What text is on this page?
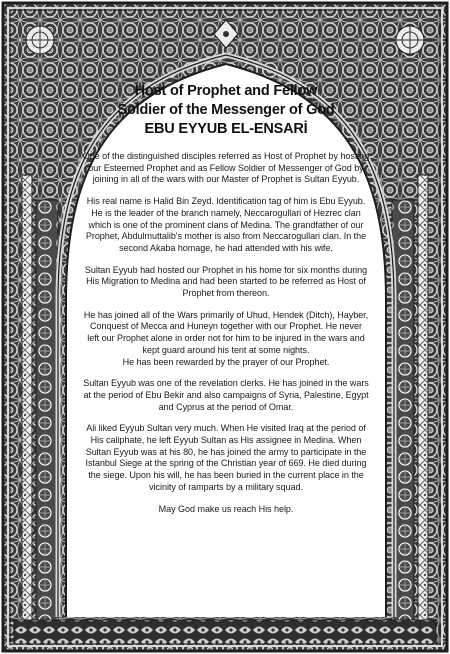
Host of Prophet and Fellow
Soldier of the Messenger of God
EBU EYYUB EL-ENSARİ

One of the distinguished disciples referred as Host of Prophet by hosting
our Esteemed Prophet and as Fellow Soldier of Messenger of God by
joining in all of the wars with our Master of Prophet is Sultan Eyyub.

His real name is Halid Bin Zeyd. Identification tag of him is Ebu Eyyub.
He is the leader of the branch namely, Neccarogullari of Hezrec clan
which is one of the prominent clans of Medina. The grandfather of our
Prophet, Abdulmuttalib's mother is also from Neccarogullari clan. In the
second Akaba homage, he had attended with his wife.

Sultan Eyyub had hosted our Prophet in his home for six months during
His Migration to Medina and had been started to be referred as Host of
Prophet from thereon.

He has joined all of the Wars primarily of Uhud, Hendek (Ditch), Hayber,
Conquest of Mecca and Huneyn together with our Prophet. He never
left our Prophet alone in order not for him to be injured in the wars and
kept guard around his tent at some nights.
He has been rewarded by the prayer of our Prophet.

Sultan Eyyub was one of the revelation clerks. He has joined in the wars
at the period of Ebu Bekir and also campaigns of Syria, Palestine, Egypt
and Cyprus at the period of Omar.

Ali liked Eyyub Sultan very much. When He visited Iraq at the period of
His caliphate, he left Eyyub Sultan as His assignee in Medina. When
Sultan Eyyub was at his 80, he has joined the army to participate in the
Istanbul Siege at the spring of the Christian year of 669. He died during
the siege. Upon his will, he has been buried in the current place in the
vicinity of ramparts by a military squad.

May God make us reach His help.
